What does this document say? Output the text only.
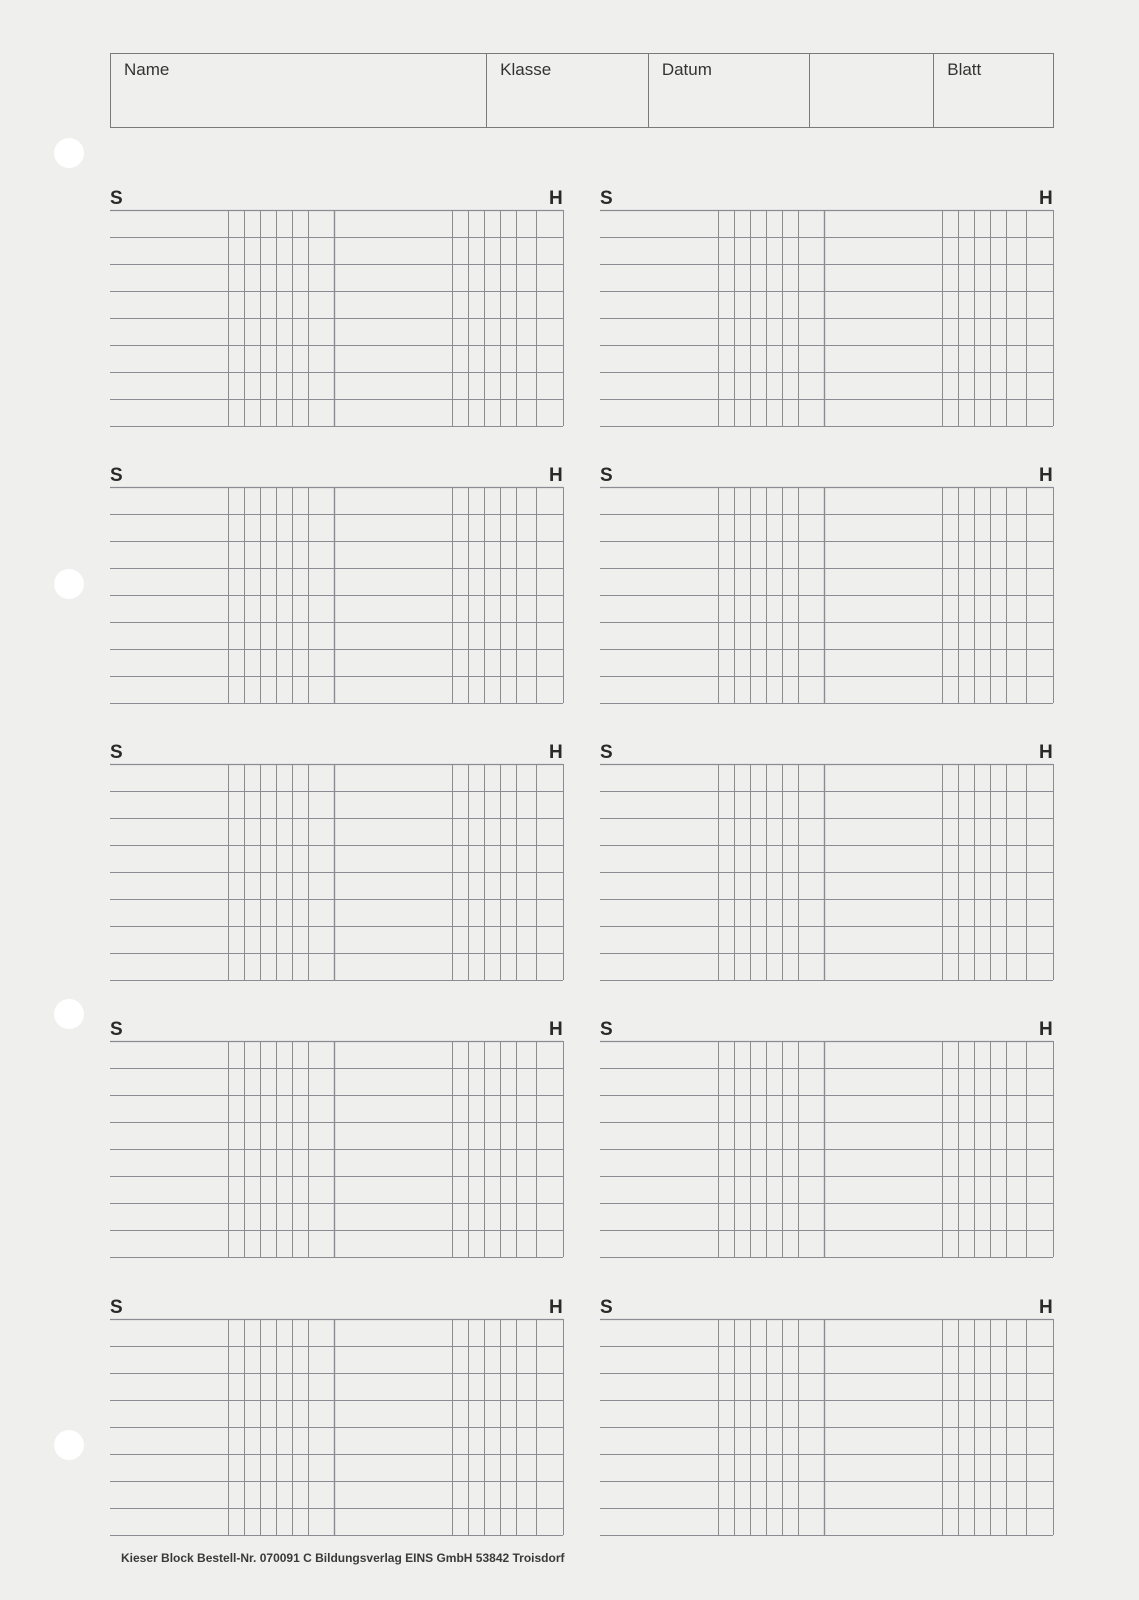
Name	Klasse	Datum	Blatt
S	H S	H
S	H S	H
S	H S	H
S	H S	H
S	H S	H
Kieser Block Bestell-Nr. 070091 C Bildungsverlag EINS GmbH 53842 Troisdorf
